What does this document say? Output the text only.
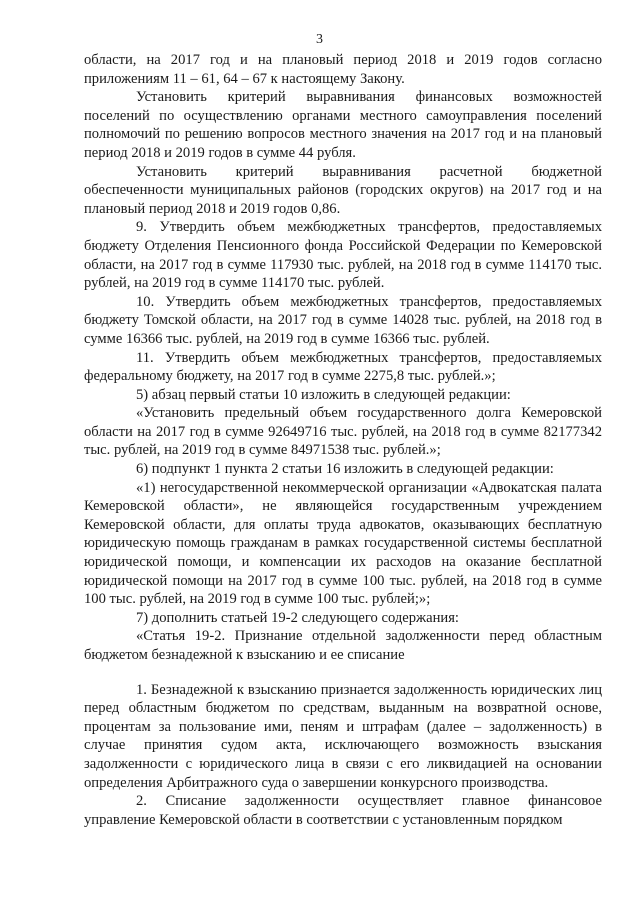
3

области, на 2017 год и на плановый период 2018 и 2019 годов согласно приложениям 11 – 61, 64 – 67 к настоящему Закону.

Установить критерий выравнивания финансовых возможностей поселений по осуществлению органами местного самоуправления поселений полномочий по решению вопросов местного значения на 2017 год и на плановый период 2018 и 2019 годов в сумме 44 рубля.

Установить критерий выравнивания расчетной бюджетной обеспеченности муниципальных районов (городских округов) на 2017 год и на плановый период 2018 и 2019 годов 0,86.

9. Утвердить объем межбюджетных трансфертов, предоставляемых бюджету Отделения Пенсионного фонда Российской Федерации по Кемеровской области, на 2017 год в сумме 117930 тыс. рублей, на 2018 год в сумме 114170 тыс. рублей, на 2019 год в сумме 114170 тыс. рублей.

10. Утвердить объем межбюджетных трансфертов, предоставляемых бюджету Томской области, на 2017 год в сумме 14028 тыс. рублей, на 2018 год в сумме 16366 тыс. рублей, на 2019 год в сумме 16366 тыс. рублей.

11. Утвердить объем межбюджетных трансфертов, предоставляемых федеральному бюджету, на 2017 год в сумме 2275,8 тыс. рублей.»;

5) абзац первый статьи 10 изложить в следующей редакции:

«Установить предельный объем государственного долга Кемеровской области на 2017 год в сумме 92649716 тыс. рублей, на 2018 год в сумме 82177342 тыс. рублей, на 2019 год в сумме 84971538 тыс. рублей.»;

6) подпункт 1 пункта 2 статьи 16 изложить в следующей редакции:

«1) негосударственной некоммерческой организации «Адвокатская палата Кемеровской области», не являющейся государственным учреждением Кемеровской области, для оплаты труда адвокатов, оказывающих бесплатную юридическую помощь гражданам в рамках государственной системы бесплатной юридической помощи, и компенсации их расходов на оказание бесплатной юридической помощи на 2017 год в сумме 100 тыс. рублей, на 2018 год в сумме 100 тыс. рублей, на 2019 год в сумме 100 тыс. рублей;»;

7) дополнить статьей 19-2 следующего содержания:

«Статья 19-2. Признание отдельной задолженности перед областным бюджетом безнадежной к взысканию и ее списание

1. Безнадежной к взысканию признается задолженность юридических лиц перед областным бюджетом по средствам, выданным на возвратной основе, процентам за пользование ими, пеням и штрафам (далее – задолженность) в случае принятия судом акта, исключающего возможность взыскания задолженности с юридического лица в связи с его ликвидацией на основании определения Арбитражного суда о завершении конкурсного производства.

2. Списание задолженности осуществляет главное финансовое управление Кемеровской области в соответствии с установленным порядком
